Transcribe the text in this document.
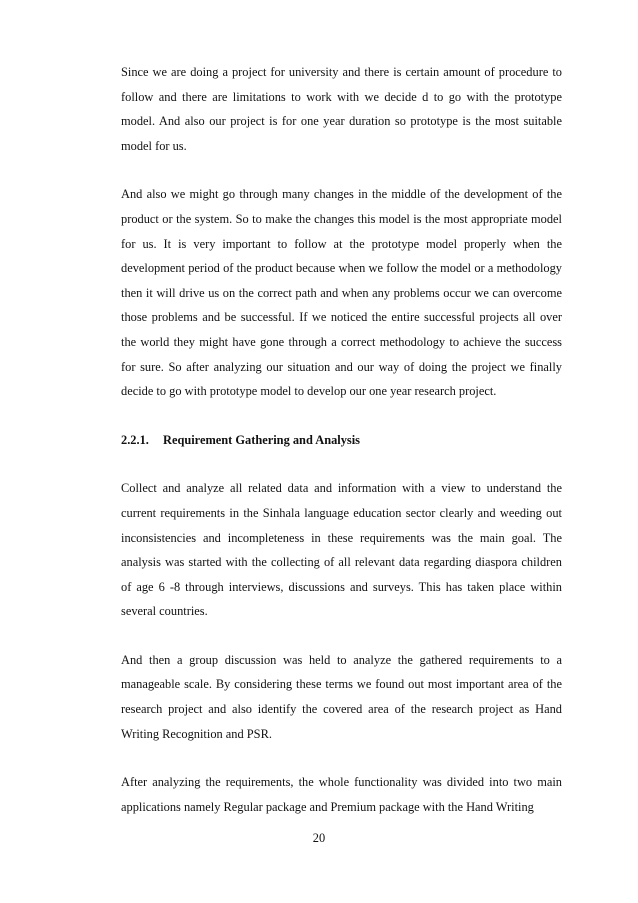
Since we are doing a project for university and there is certain amount of procedure to follow and there are limitations to work with we decide d to go with the prototype model. And also our project is for one year duration so prototype is the most suitable model for us.

And also we might go through many changes in the middle of the development of the product or the system. So to make the changes this model is the most appropriate model for us. It is very important to follow at the prototype model properly when the development period of the product because when we follow the model or a methodology then it will drive us on the correct path and when any problems occur we can overcome those problems and be successful. If we noticed the entire successful projects all over the world they might have gone through a correct methodology to achieve the success for sure. So after analyzing our situation and our way of doing the project we finally decide to go with prototype model to develop our one year research project.

2.2.1. Requirement Gathering and Analysis

Collect and analyze all related data and information with a view to understand the current requirements in the Sinhala language education sector clearly and weeding out inconsistencies and incompleteness in these requirements was the main goal. The analysis was started with the collecting of all relevant data regarding diaspora children of age 6 -8 through interviews, discussions and surveys. This has taken place within several countries.

And then a group discussion was held to analyze the gathered requirements to a manageable scale. By considering these terms we found out most important area of the research project and also identify the covered area of the research project as Hand Writing Recognition and PSR.

After analyzing the requirements, the whole functionality was divided into two main applications namely Regular package and Premium package with the Hand Writing

20
